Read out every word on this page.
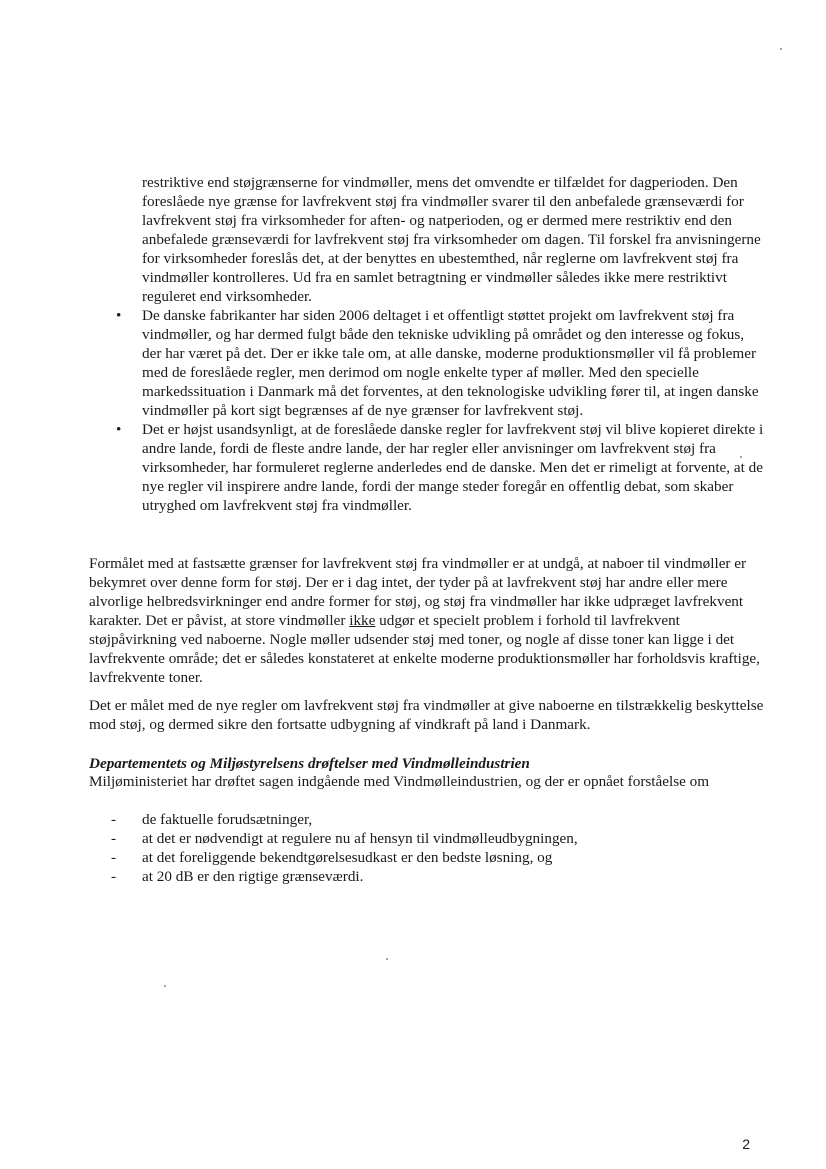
restriktive end støjgrænserne for vindmøller, mens det omvendte er tilfældet for dagperioden. Den foreslåede nye grænse for lavfrekvent støj fra vindmøller svarer til den anbefalede grænseværdi for lavfrekvent støj fra virksomheder for aften- og natperioden, og er dermed mere restriktiv end den anbefalede grænseværdi for lavfrekvent støj fra virksomheder om dagen. Til forskel fra anvisningerne for virksomheder foreslås det, at der benyttes en ubestemthed, når reglerne om lavfrekvent støj fra vindmøller kontrolleres. Ud fra en samlet betragtning er vindmøller således ikke mere restriktivt reguleret end virksomheder.

•	De danske fabrikanter har siden 2006 deltaget i et offentligt støttet projekt om lavfrekvent støj fra vindmøller, og har dermed fulgt både den tekniske udvikling på området og den interesse og fokus, der har været på det. Der er ikke tale om, at alle danske, moderne produktionsmøller vil få problemer med de foreslåede regler, men derimod om nogle enkelte typer af møller. Med den specielle markedssituation i Danmark må det forventes, at den teknologiske udvikling fører til, at ingen danske vindmøller på kort sigt begrænses af de nye grænser for lavfrekvent støj.
•	Det er højst usandsynligt, at de foreslåede danske regler for lavfrekvent støj vil blive kopieret direkte i andre lande, fordi de fleste andre lande, der har regler eller anvisninger om lavfrekvent støj fra virksomheder, har formuleret reglerne anderledes end de danske. Men det er rimeligt at forvente, at de nye regler vil inspirere andre lande, fordi der mange steder foregår en offentlig debat, som skaber utryghed om lavfrekvent støj fra vindmøller.

Formålet med at fastsætte grænser for lavfrekvent støj fra vindmøller er at undgå, at naboer til vindmøller er bekymret over denne form for støj. Der er i dag intet, der tyder på at lavfrekvent støj har andre eller mere alvorlige helbredsvirkninger end andre former for støj, og støj fra vindmøller har ikke udpræget lavfrekvent karakter. Det er påvist, at store vindmøller ikke udgør et specielt problem i forhold til lavfrekvent støjpåvirkning ved naboerne. Nogle møller udsender støj med toner, og nogle af disse toner kan ligge i det lavfrekvente område; det er således konstateret at enkelte moderne produktionsmøller har forholdsvis kraftige, lavfrekvente toner.

Det er målet med de nye regler om lavfrekvent støj fra vindmøller at give naboerne en tilstrækkelig beskyttelse mod støj, og dermed sikre den fortsatte udbygning af vindkraft på land i Danmark.

Departementets og Miljøstyrelsens drøftelser med Vindmølleindustrien

Miljøministeriet har drøftet sagen indgående med Vindmølleindustrien, og der er opnået forståelse om

- de faktuelle forudsætninger,
- at det er nødvendigt at regulere nu af hensyn til vindmølleudbygningen,
- at det foreliggende bekendtgørelsesudkast er den bedste løsning, og
- at 20 dB er den rigtige grænseværdi.
2
